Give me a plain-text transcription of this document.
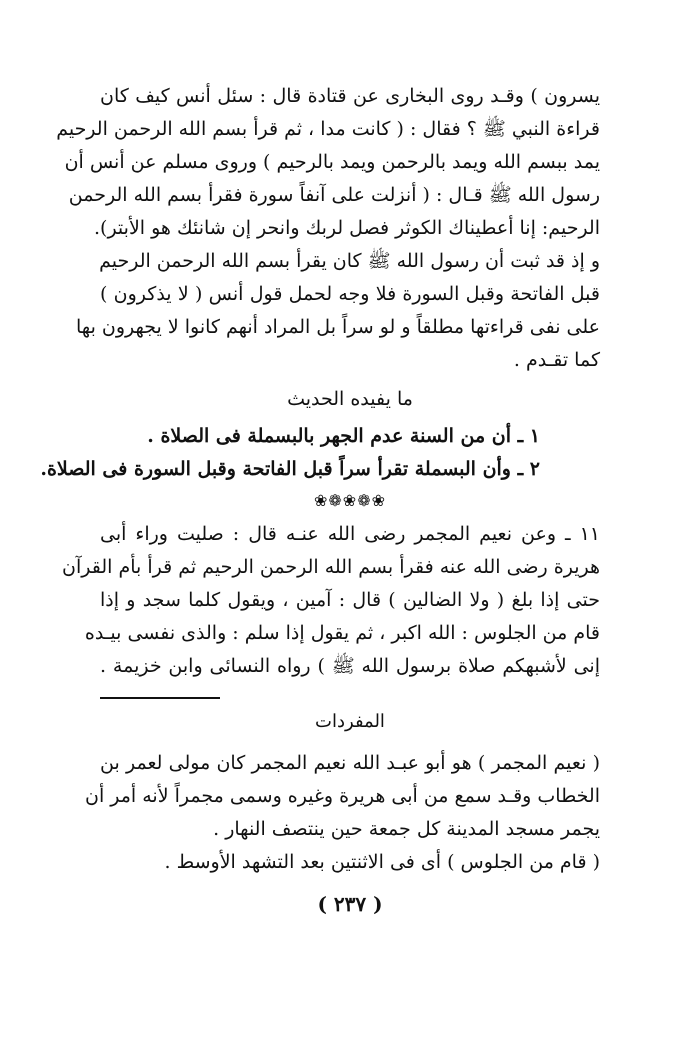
يسرون ) وقـد روى البخارى عن قتادة قال : سئل أنس كيف كان
قراءة النبي ﷺ ؟ فقال : ( كانت مدا ، ثم قرأ بسم الله الرحمن الرحيم
يمد ببسم الله ويمد بالرحمن ويمد بالرحيم ) وروى مسلم عن أنس أن
رسول الله ﷺ قـال : ( أنزلت على آنفاً سورة فقرأ بسم الله الرحمن
الرحيم: إنا أعطيناك الكوثر فصل لربك وانحر إن شانئك هو الأبتر).
و إذ قد ثبت أن رسول الله ﷺ كان يقرأ بسم الله الرحمن الرحيم
قبل الفاتحة وقبل السورة فلا وجه لحمل قول أنس ( لا يذكرون )
على نفى قراءتها مطلقاً و لو سراً بل المراد أنهم كانوا لا يجهرون بها
كما تقـدم .
ما يفيده الحديث
١ ـ أن من السنة عدم الجهر بالبسملة فى الصلاة .
٢ ـ وأن البسملة تقرأ سراً قبل الفاتحة وقبل السورة فى الصلاة.
❀❁❀❁❀
١١ ـ وعن نعيم المجمر رضى الله عنـه قال : صليت وراء أبى
هريرة رضى الله عنه فقرأ بسم الله الرحمن الرحيم ثم قرأ بأم القرآن
حتى إذا بلغ ( ولا الضالين ) قال : آمين ، ويقول كلما سجد و إذا
قام من الجلوس : الله اكبر ، ثم يقول إذا سلم : والذى نفسى بيـده
إنى لأشبهكم صلاة برسول الله ﷺ ) رواه النسائى وابن خزيمة .
المفردات
( نعيم المجمر ) هو أبو عبـد الله نعيم المجمر كان مولى لعمر بن
الخطاب وقـد سمع من أبى هريرة وغيره وسمى مجمراً لأنه أمر أن
يجمر مسجد المدينة كل جمعة حين ينتصف النهار .
( قام من الجلوس ) أى فى الاثنتين بعد التشهد الأوسط .
( ٢٣٧ )
